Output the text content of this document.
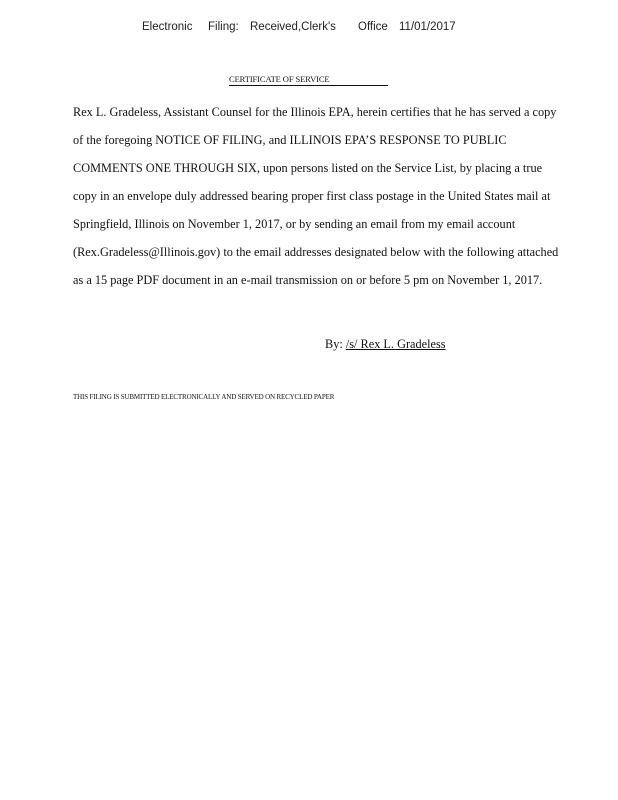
Electronic Filing: Received,Clerk's Office 11/01/2017
CERTIFICATE OF SERVICE
Rex L. Gradeless, Assistant Counsel for the Illinois EPA, herein certifies that he has served a copy
of the foregoing NOTICE OF FILING, and ILLINOIS EPA’S RESPONSE TO PUBLIC
COMMENTS ONE THROUGH SIX, upon persons listed on the Service List, by placing a true
copy in an envelope duly addressed bearing proper first class postage in the United States mail at
Springfield, Illinois on November 1, 2017, or by sending an email from my email account
(Rex.Gradeless@Illinois.gov) to the email addresses designated below with the following attached
as a 15 page PDF document in an e-mail transmission on or before 5 pm on November 1, 2017.
By: /s/ Rex L. Gradeless
THIS FILING IS SUBMITTED ELECTRONICALLY AND SERVED ON RECYCLED PAPER
